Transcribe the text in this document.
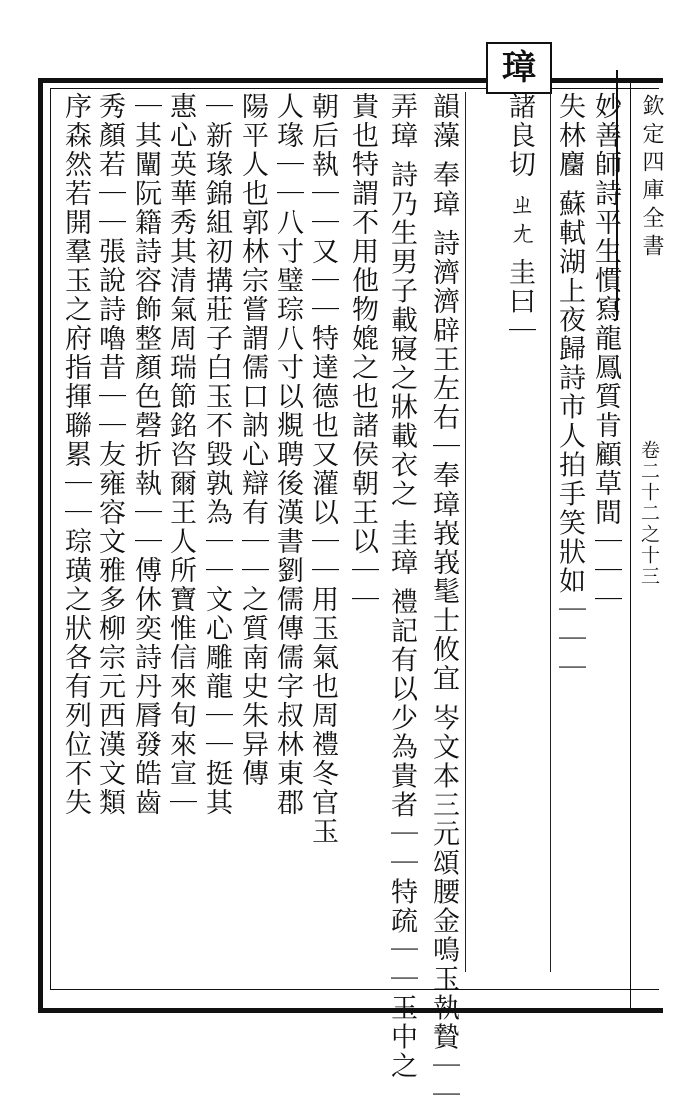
璋
欽定四庫全書
卷二十二之十三
諸良切 ㄓㄤ 圭曰｜ 妙善師詩平生慣寫龍鳳質肯顧草間｜｜｜
失林麕 蘇軾湖上夜歸詩市人拍手笑狀如｜｜｜
韻藻 奉璋 詩濟濟辟王左右｜奉璋峩峩髦士攸宜 岑文本三元頌腰金鳴玉執贄｜｜
弄璋 詩乃生男子載寢之牀載衣之 圭璋 禮記有以少為貴者｜｜特疏｜｜玉中之
貴也特謂不用他物媲之也諸侯朝王以｜｜
朝后執｜｜又｜｜特達德也又灌以｜｜用玉氣也周禮冬官玉
人瑑｜｜八寸璧琮八寸以覜聘後漢書劉儒傳儒字叔林東郡
陽平人也郭林宗嘗謂儒口訥心辯有｜｜之質南史朱异傳
｜新瑑錦組初搆莊子白玉不毀孰為｜｜文心雕龍｜｜挺其
惠心英華秀其清氣周瑞節銘咨爾王人所寶惟信來旬來宣｜
｜其闡阮籍詩容飾整顏色磬折執｜｜傅休奕詩丹脣發皓齒
秀顏若｜｜張說詩嚕昔｜｜友雍容文雅多柳宗元西漢文類
序森然若開羣玉之府指揮聯累｜｜琮璜之狀各有列位不失
